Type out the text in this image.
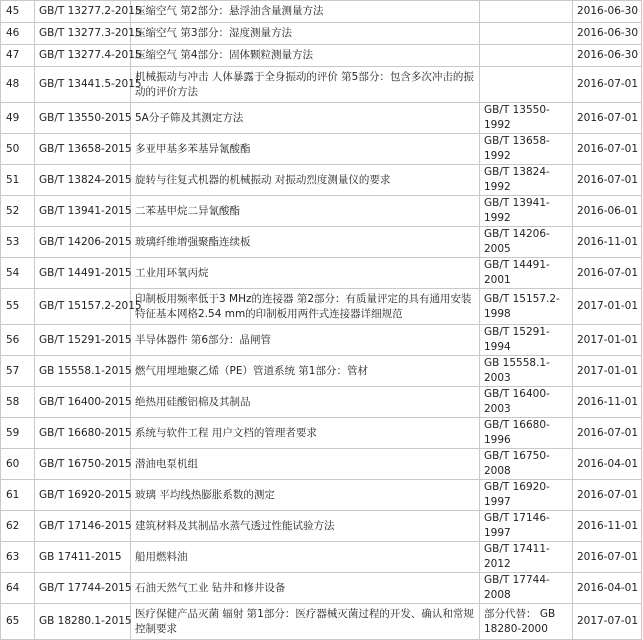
45	GB/T 13277.2-2015	压缩空气 第2部分：悬浮油含量测量方法		2016-06-30
46	GB/T 13277.3-2015	压缩空气 第3部分：湿度测量方法		2016-06-30
47	GB/T 13277.4-2015	压缩空气 第4部分：固体颗粒测量方法		2016-06-30
48	GB/T 13441.5-2015	机械振动与冲击 人体暴露于全身振动的评价 第5部分：包含多次冲击的振动的评价方法		2016-07-01
49	GB/T 13550-2015	5A分子筛及其测定方法	GB/T 13550-1992	2016-07-01
50	GB/T 13658-2015	多亚甲基多苯基异氰酸酯	GB/T 13658-1992	2016-07-01
51	GB/T 13824-2015	旋转与往复式机器的机械振动 对振动烈度测量仪的要求	GB/T 13824-1992	2016-07-01
52	GB/T 13941-2015	二苯基甲烷二异氰酸酯	GB/T 13941-1992	2016-06-01
53	GB/T 14206-2015	玻璃纤维增强聚酯连续板	GB/T 14206-2005	2016-11-01
54	GB/T 14491-2015	工业用环氧丙烷	GB/T 14491-2001	2016-07-01
55	GB/T 15157.2-2015	印制板用频率低于3 MHz的连接器 第2部分：有质量评定的具有通用安装特征基本网格2.54 mm的印制板用两件式连接器详细规范	GB/T 15157.2-1998	2017-01-01
56	GB/T 15291-2015	半导体器件 第6部分：晶闸管	GB/T 15291-1994	2017-01-01
57	GB 15558.1-2015	燃气用埋地聚乙烯（PE）管道系统 第1部分：管材	GB 15558.1-2003	2017-01-01
58	GB/T 16400-2015	绝热用硅酸铝棉及其制品	GB/T 16400-2003	2016-11-01
59	GB/T 16680-2015	系统与软件工程 用户文档的管理者要求	GB/T 16680-1996	2016-07-01
60	GB/T 16750-2015	潜油电泵机组	GB/T 16750-2008	2016-04-01
61	GB/T 16920-2015	玻璃 平均线热膨胀系数的测定	GB/T 16920-1997	2016-07-01
62	GB/T 17146-2015	建筑材料及其制品水蒸气透过性能试验方法	GB/T 17146-1997	2016-11-01
63	GB 17411-2015	船用燃料油	GB/T 17411-2012	2016-07-01
64	GB/T 17744-2015	石油天然气工业 钻井和修井设备	GB/T 17744-2008	2016-04-01
65	GB 18280.1-2015	医疗保健产品灭菌 辐射 第1部分：医疗器械灭菌过程的开发、确认和常规控制要求	部分代替： GB 18280-2000	2017-07-01
